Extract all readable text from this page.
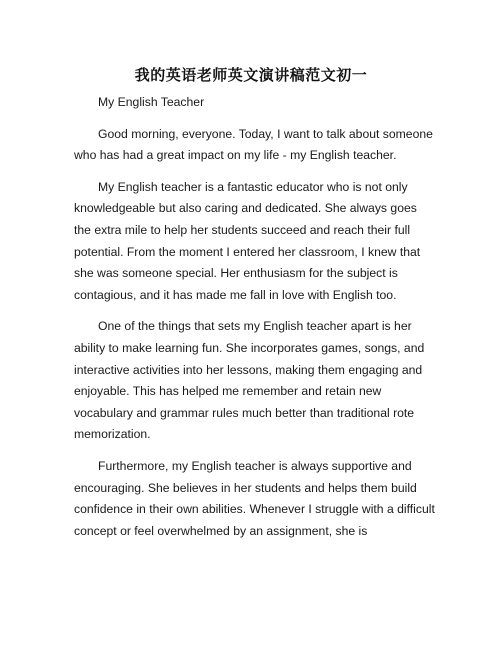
我的英语老师英文演讲稿范文初一

My English Teacher

Good morning, everyone. Today, I want to talk about someone who has had a great impact on my life - my English teacher.

My English teacher is a fantastic educator who is not only knowledgeable but also caring and dedicated. She always goes the extra mile to help her students succeed and reach their full potential. From the moment I entered her classroom, I knew that she was someone special. Her enthusiasm for the subject is contagious, and it has made me fall in love with English too.

One of the things that sets my English teacher apart is her ability to make learning fun. She incorporates games, songs, and interactive activities into her lessons, making them engaging and enjoyable. This has helped me remember and retain new vocabulary and grammar rules much better than traditional rote memorization.

Furthermore, my English teacher is always supportive and encouraging. She believes in her students and helps them build confidence in their own abilities. Whenever I struggle with a difficult concept or feel overwhelmed by an assignment, she is
